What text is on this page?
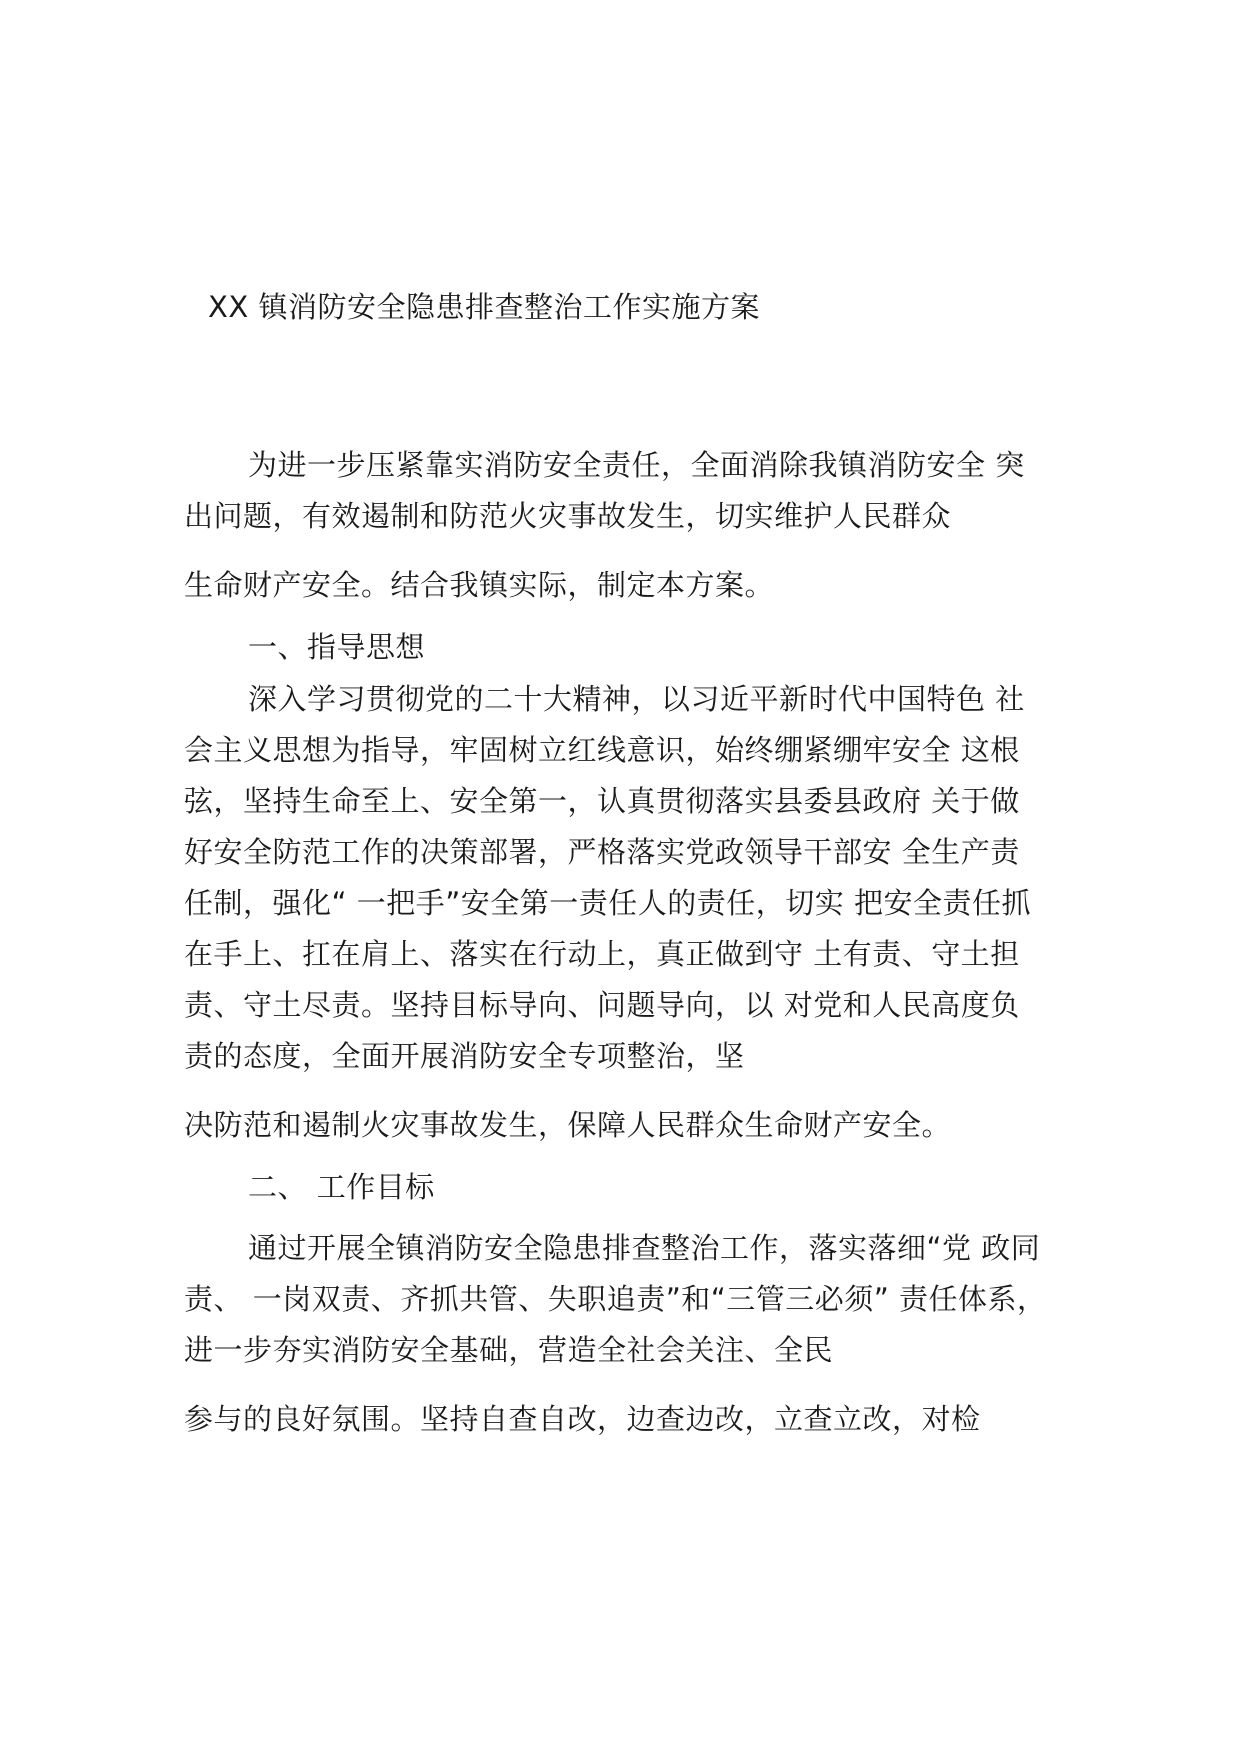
XX 镇消防安全隐患排查整治工作实施方案
为进一步压紧靠实消防安全责任，全面消除我镇消防安全 突
出问题，有效遏制和防范火灾事故发生，切实维护人民群众
生命财产安全。结合我镇实际，制定本方案。
一、指导思想
深入学习贯彻党的二十大精神，以习近平新时代中国特色 社
会主义思想为指导，牢固树立红线意识，始终绷紧绷牢安全 这根
弦，坚持生命至上、安全第一，认真贯彻落实县委县政府 关于做
好安全防范工作的决策部署，严格落实党政领导干部安 全生产责
任制，强化“ 一把手”安全第一责任人的责任，切实 把安全责任抓
在手上、扛在肩上、落实在行动上，真正做到守 土有责、守土担
责、守土尽责。坚持目标导向、问题导向，以 对党和人民高度负
责的态度，全面开展消防安全专项整治，坚
决防范和遏制火灾事故发生，保障人民群众生命财产安全。
二、 工作目标
通过开展全镇消防安全隐患排查整治工作，落实落细“党 政同
责、 一岗双责、齐抓共管、失职追责”和“三管三必须” 责任体系，
进一步夯实消防安全基础，营造全社会关注、全民
参与的良好氛围。坚持自查自改，边查边改，立查立改，对检
